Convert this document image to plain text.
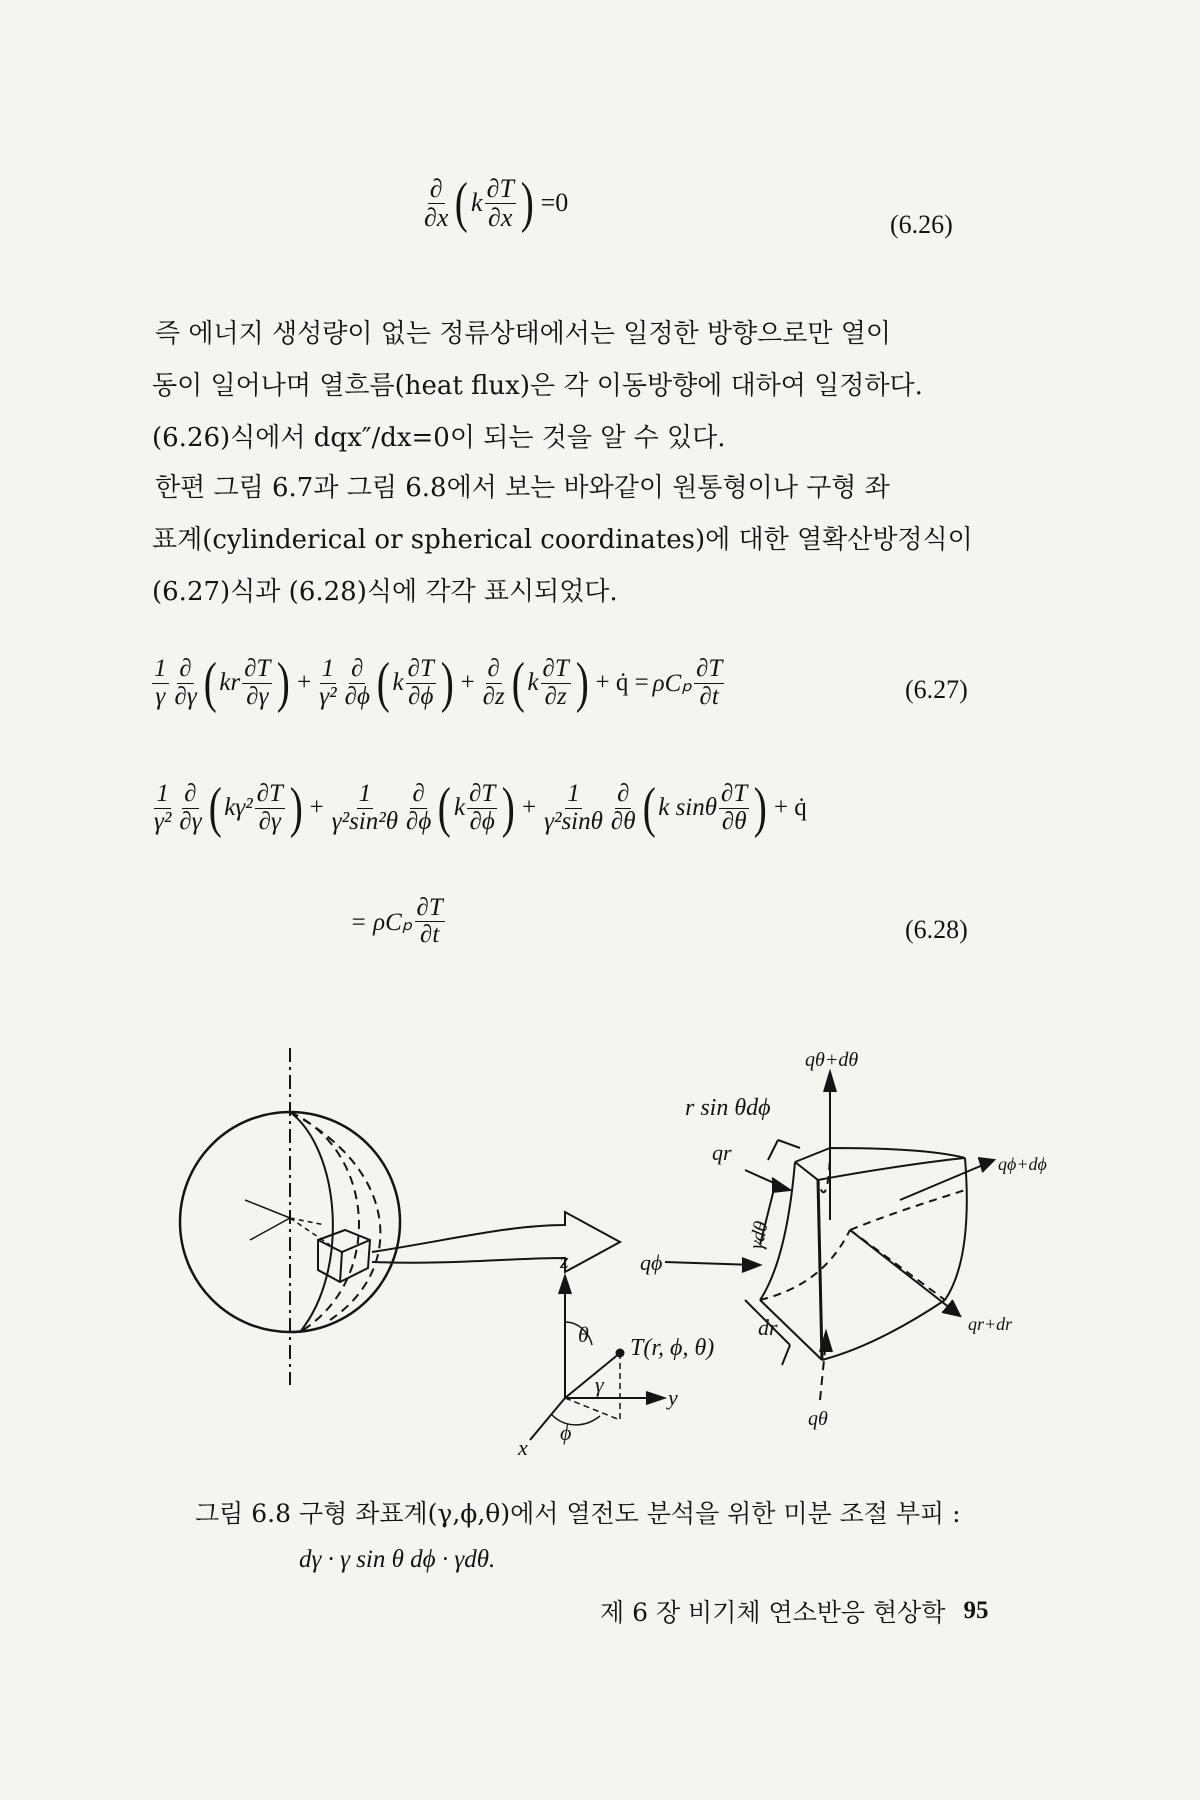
$\frac{\partial}{\partial x}$ ( k $\frac{\partial T}{\partial x}$ ) =0
(6.26)

즉 에너지 생성량이 없는 정류상태에서는 일정한 방향으로만 열이

동이 일어나며 열흐름(heat flux)은 각 이동방향에 대하여 일정하다.

(6.26)식에서 dqx″/dx=0이 되는 것을 알 수 있다.

한편 그림 6.7과 그림 6.8에서 보는 바와같이 원통형이나 구형 좌

표계(cylinderical or spherical coordinates)에 대한 열확산방정식이

(6.27)식과 (6.28)식에 각각 표시되었다.

$\frac{1}{\gamma} \frac{\partial}{\partial\gamma}$ ( kr $\frac{\partial T}{\partial\gamma}$ ) + $\frac{1}{\text{γ²}} \frac{\partial}{\partial\phi}$ ( k $\frac{\partial T}{\partial\phi}$ ) + $\frac{\partial}{\partial z}$ ( k $\frac{\partial T}{\partial z}$ ) + q̇ = ρCₚ $\frac{\partial T}{\partial t}$	(6.27)
$\frac{1}{\text{γ²}} \frac{\partial}{\partial\gamma}$ ( $k\gamma^2 \frac{\partial T}{\partial\gamma}$ ) + $\frac{1}{\text{γ²sin²θ}} \frac{\partial}{\partial\phi}$ ( k $\frac{\partial T}{\partial\phi}$ ) + $\frac{1}{\text{γ²sinθ}} \frac{\partial}{\partial\theta}$ ( k sinθ $\frac{\partial T}{\partial\theta}$ ) + q̇
= ρCₚ $\frac{\partial T}{\partial t}$	(6.28)
qθ+dθ
r sin θdϕ
qr	qϕ+dϕ
γdθ
qϕ
dr	qr+dr
qθ
z
y
x
θ
ϕ
γ
T(r, ϕ, θ)
그림 6.8 구형 좌표계(γ,ϕ,θ)에서 열전도 분석을 위한 미분 조절 부피 :
dγ · γ sin θ dϕ · γdθ.
제 6 장 비기체 연소반응 현상학 95
